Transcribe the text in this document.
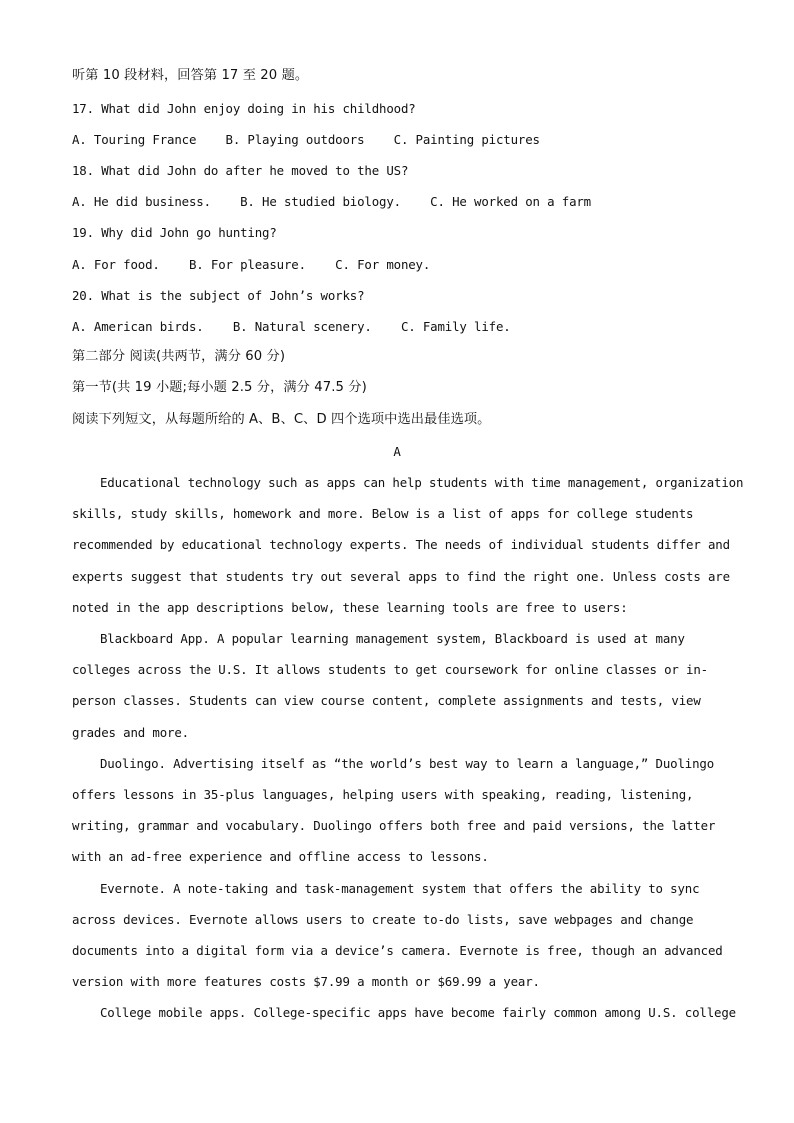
听第 10 段材料，回答第 17 至 20 题。
17. What did John enjoy doing in his childhood?
A. Touring France    B. Playing outdoors    C. Painting pictures
18. What did John do after he moved to the US?
A. He did business.    B. He studied biology.    C. He worked on a farm
19. Why did John go hunting?
A. For food.    B. For pleasure.    C. For money.
20. What is the subject of John’s works?
A. American birds.    B. Natural scenery.    C. Family life.
第二部分 阅读(共两节，满分 60 分)
第一节(共 19 小题;每小题 2.5 分，满分 47.5 分)
阅读下列短文，从每题所给的 A、B、C、D 四个选项中选出最佳选项。
A
Educational technology such as apps can help students with time management, organization
skills, study skills, homework and more. Below is a list of apps for college students
recommended by educational technology experts. The needs of individual students differ and
experts suggest that students try out several apps to find the right one. Unless costs are
noted in the app descriptions below, these learning tools are free to users:
Blackboard App. A popular learning management system, Blackboard is used at many
colleges across the U.S. It allows students to get coursework for online classes or in-
person classes. Students can view course content, complete assignments and tests, view
grades and more.
Duolingo. Advertising itself as “the world’s best way to learn a language,” Duolingo
offers lessons in 35-plus languages, helping users with speaking, reading, listening,
writing, grammar and vocabulary. Duolingo offers both free and paid versions, the latter
with an ad-free experience and offline access to lessons.
Evernote. A note-taking and task-management system that offers the ability to sync
across devices. Evernote allows users to create to-do lists, save webpages and change
documents into a digital form via a device’s camera. Evernote is free, though an advanced
version with more features costs $7.99 a month or $69.99 a year.
College mobile apps. College-specific apps have become fairly common among U.S. college
